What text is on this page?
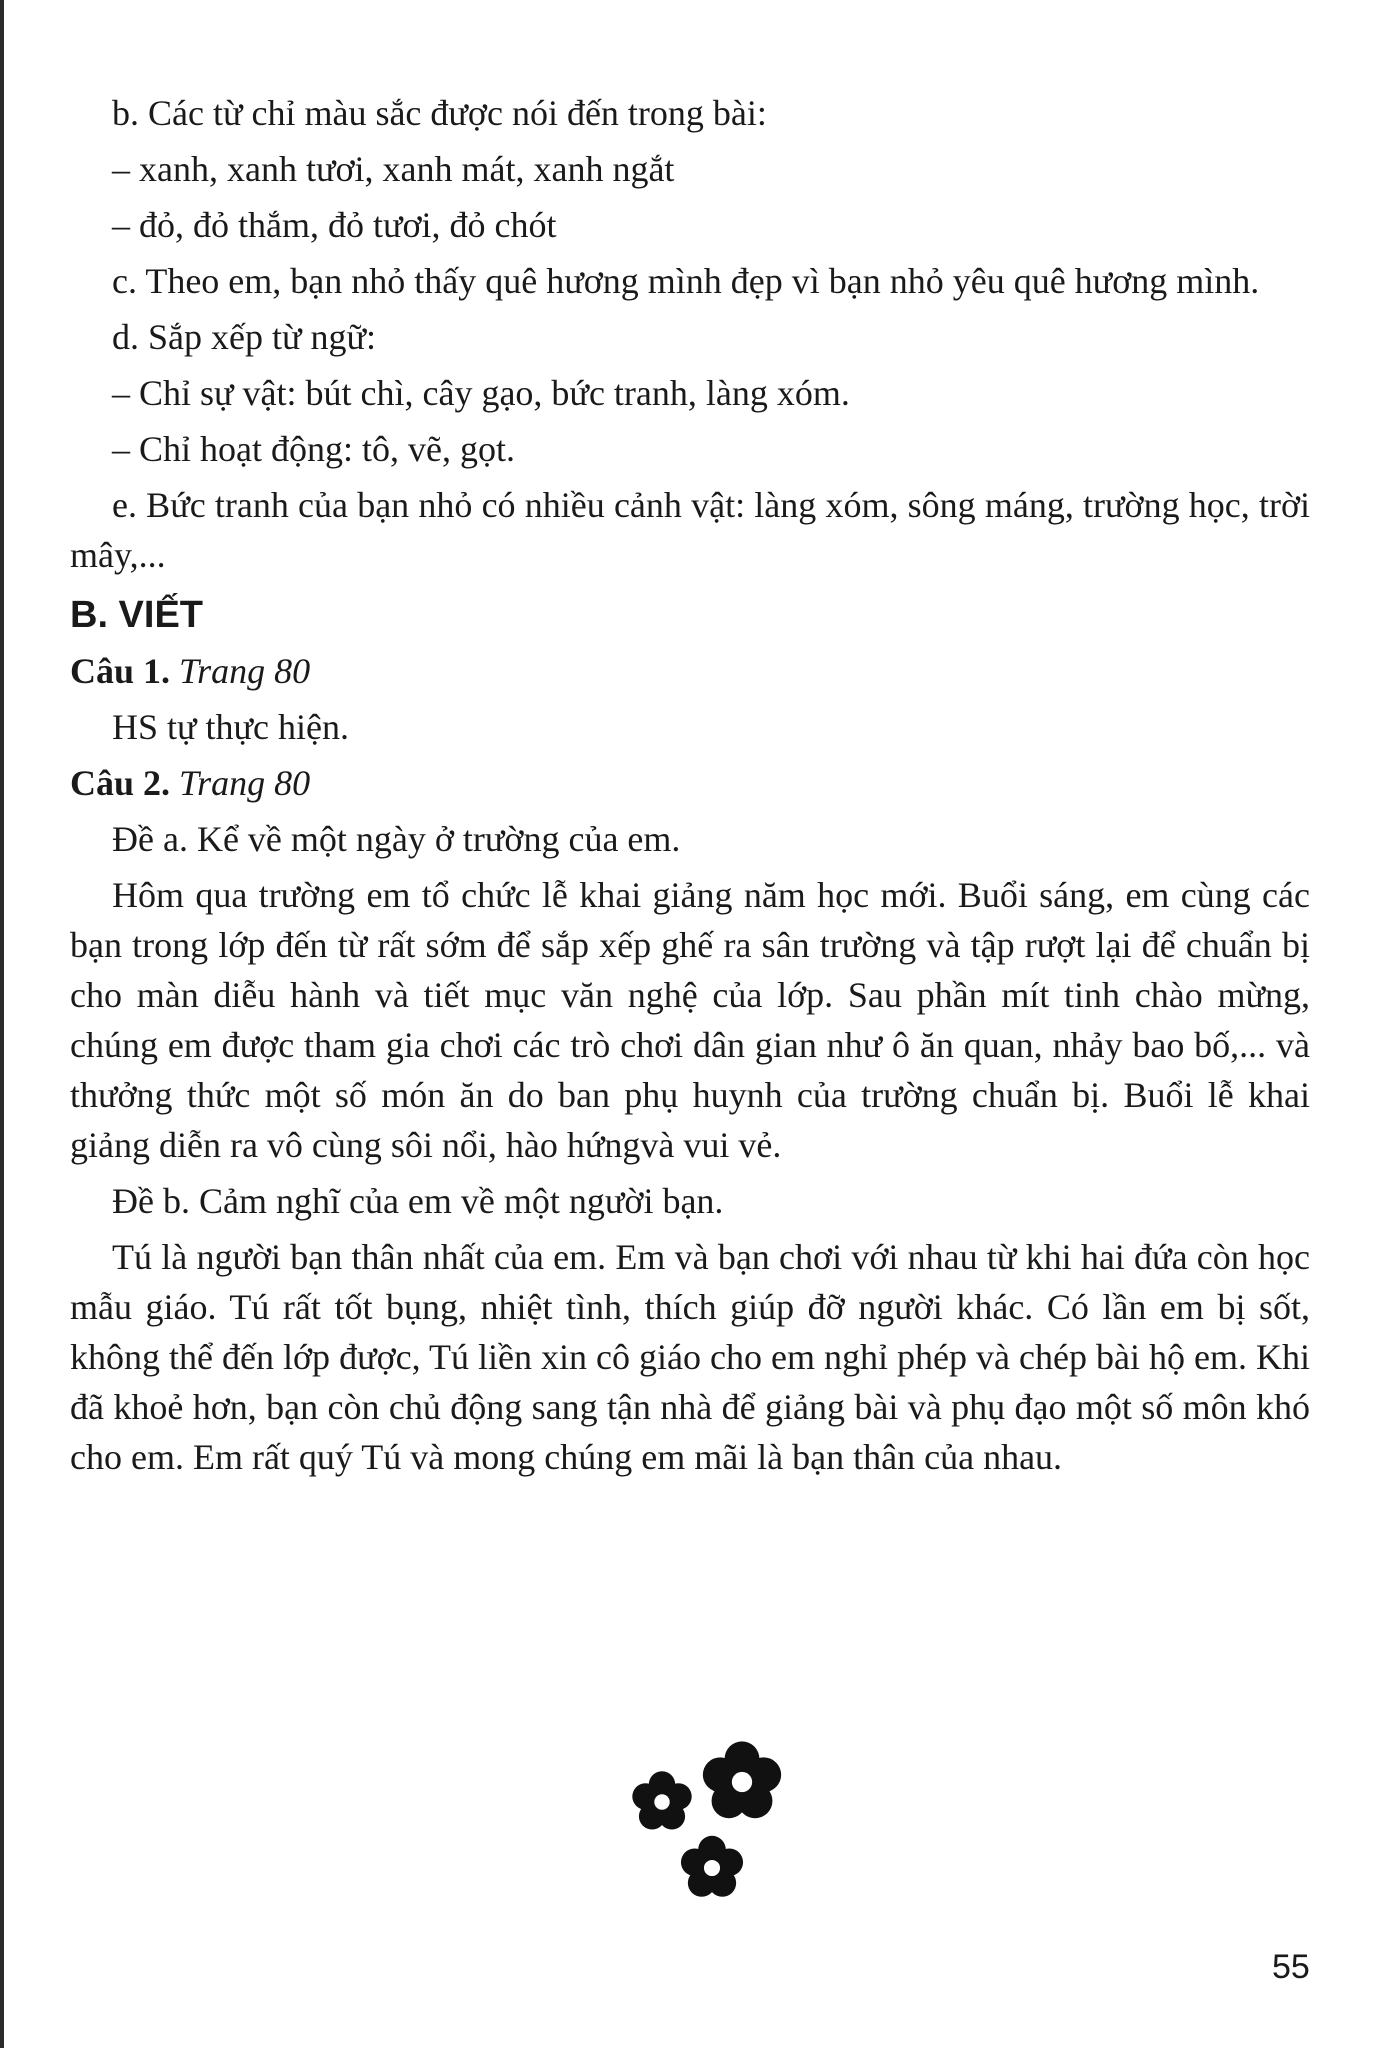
b. Các từ chỉ màu sắc được nói đến trong bài:

– xanh, xanh tươi, xanh mát, xanh ngắt

– đỏ, đỏ thắm, đỏ tươi, đỏ chót

c. Theo em, bạn nhỏ thấy quê hương mình đẹp vì bạn nhỏ yêu quê hương mình.

d. Sắp xếp từ ngữ:

– Chỉ sự vật: bút chì, cây gạo, bức tranh, làng xóm.

– Chỉ hoạt động: tô, vẽ, gọt.

e. Bức tranh của bạn nhỏ có nhiều cảnh vật: làng xóm, sông máng, trường học, trời mây,...

B. VIẾT

Câu 1. Trang 80

HS tự thực hiện.

Câu 2. Trang 80

Đề a. Kể về một ngày ở trường của em.

Hôm qua trường em tổ chức lễ khai giảng năm học mới. Buổi sáng, em cùng các bạn trong lớp đến từ rất sớm để sắp xếp ghế ra sân trường và tập rượt lại để chuẩn bị cho màn diễu hành và tiết mục văn nghệ của lớp. Sau phần mít tinh chào mừng, chúng em được tham gia chơi các trò chơi dân gian như ô ăn quan, nhảy bao bố,... và thưởng thức một số món ăn do ban phụ huynh của trường chuẩn bị. Buổi lễ khai giảng diễn ra vô cùng sôi nổi, hào hứngvà vui vẻ.

Đề b. Cảm nghĩ của em về một người bạn.

Tú là người bạn thân nhất của em. Em và bạn chơi với nhau từ khi hai đứa còn học mẫu giáo. Tú rất tốt bụng, nhiệt tình, thích giúp đỡ người khác. Có lần em bị sốt, không thể đến lớp được, Tú liền xin cô giáo cho em nghỉ phép và chép bài hộ em. Khi đã khoẻ hơn, bạn còn chủ động sang tận nhà để giảng bài và phụ đạo một số môn khó cho em. Em rất quý Tú và mong chúng em mãi là bạn thân của nhau.

55
